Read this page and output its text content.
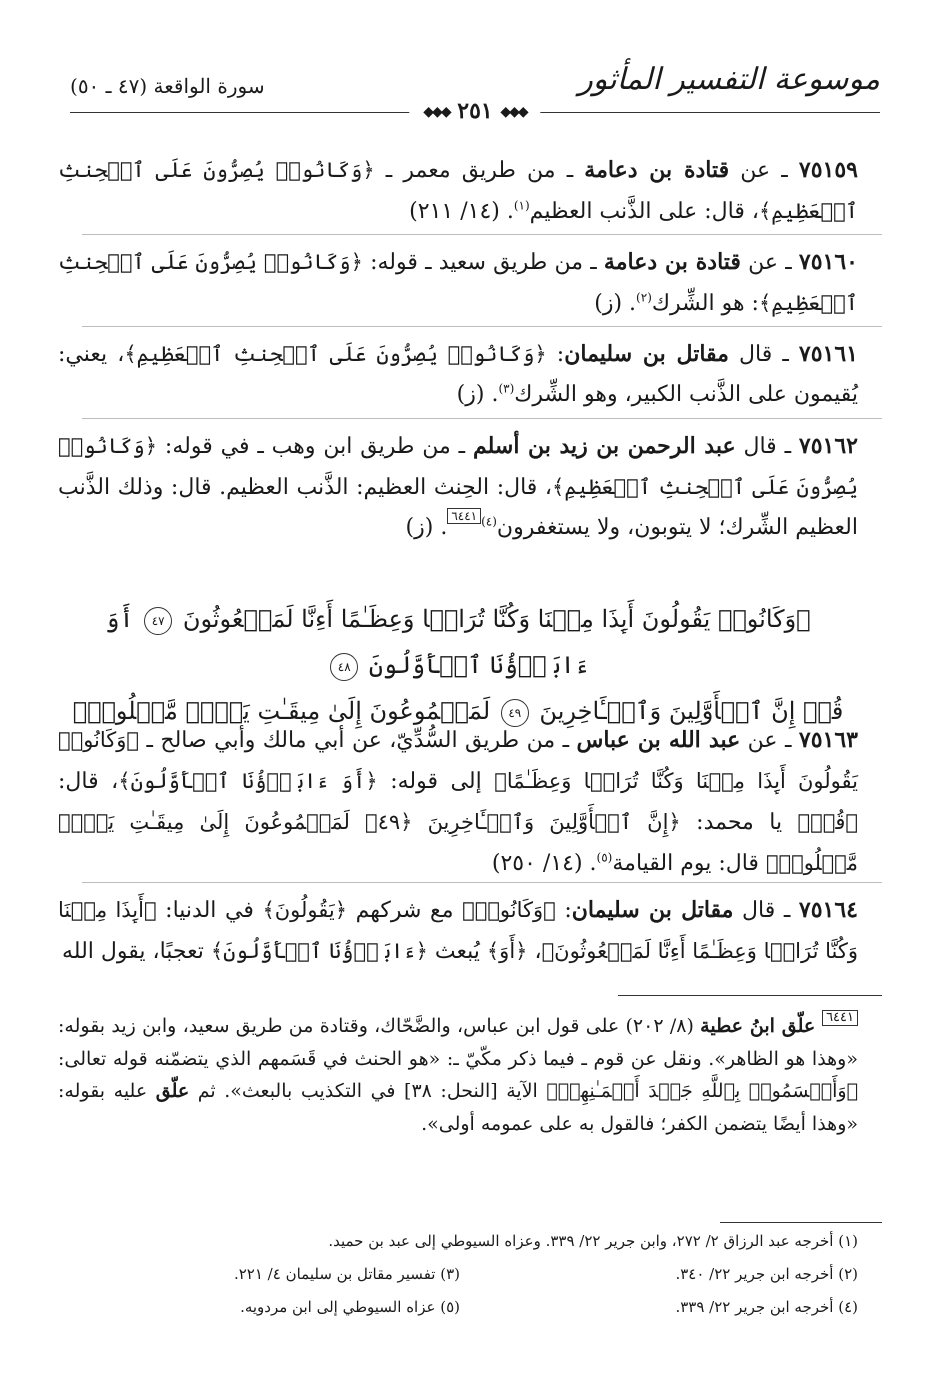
موسوعة التفسير المأثور
سورة الواقعة (٤٧ ـ ٥٠)
◆◆◆ ٢٥١ ◆◆◆
٧٥١٥٩ ـ عن قتادة بن دعامة ـ من طريق معمر ـ ﴿وَكَانُوا۟ يُصِرُّونَ عَلَى ٱلۡحِنثِ ٱلۡعَظِيمِ﴾، قال: على الذَّنب العظيم$^{(١)}$. (١٤/ ٢١١)
٧٥١٦٠ ـ عن قتادة بن دعامة ـ من طريق سعيد ـ قوله: ﴿وَكَانُوا۟ يُصِرُّونَ عَلَى ٱلۡحِنثِ ٱلۡعَظِيمِ﴾: هو الشِّرك$^{(٢)}$. (ز)
٧٥١٦١ ـ قال مقاتل بن سليمان: ﴿وَكَانُوا۟ يُصِرُّونَ عَلَى ٱلۡحِنثِ ٱلۡعَظِيمِ﴾، يعني: يُقيمون على الذَّنب الكبير، وهو الشِّرك$^{(٣)}$. (ز)
٧٥١٦٢ ـ قال عبد الرحمن بن زيد بن أسلم ـ من طريق ابن وهب ـ في قوله: ﴿وَكَانُوا۟ يُصِرُّونَ عَلَى ٱلۡحِنثِ ٱلۡعَظِيمِ﴾، قال: الحِنث العظيم: الذَّنب العظيم. قال: وذلك الذَّنب العظيم الشِّرك؛ لا يتوبون، ولا يستغفرون$^{(٤)}$٦٤٤١. (ز)
﴿وَكَانُوا۟ يَقُولُونَ أَىِٕذَا مِتۡنَا وَكُنَّا تُرَابࣰا وَعِظَـٰمًا أَءِنَّا لَمَبۡعُوثُونَ ٤٧ أَوَ ءَابَاۤؤُنَا ٱلۡأَوَّلُونَ ٤٨
قُلۡ إِنَّ ٱلۡأَوَّلِینَ وَٱلۡـَٔاخِرِینَ ٤٩ لَمَجۡمُوعُونَ إِلَىٰ مِیقَـٰتِ یَوۡمࣲ مَّعۡلُومࣲ﴾
٧٥١٦٣ ـ عن عبد الله بن عباس ـ من طريق السُّدِّيّ، عن أبي مالك وأبي صالح ـ ﴿وَكَانُوا۟ يَقُولُونَ أَىِٕذَا مِتۡنَا وَكُنَّا تُرَابࣰا وَعِظَـٰمًا﴾ إلى قوله: ﴿أَوَ ءَابَاۤؤُنَا ٱلۡأَوَّلُونَ﴾، قال: ﴿قُلۡ﴾ يا محمد: ﴿إِنَّ ٱلۡأَوَّلِینَ وَٱلۡـَٔاخِرِینَ ﴿٤٩﴾ لَمَجۡمُوعُونَ إِلَىٰ مِیقَـٰتِ یَوۡمࣲ مَّعۡلُومࣲ﴾ قال: يوم القيامة$^{(٥)}$. (١٤/ ٢٥٠)
٧٥١٦٤ ـ قال مقاتل بن سليمان: ﴿وَكَانُوا۟﴾ مع شركهم ﴿يَقُولُونَ﴾ في الدنيا: ﴿أَىِٕذَا مِتۡنَا وَكُنَّا تُرَابࣰا وَعِظَـٰمًا أَءِنَّا لَمَبۡعُوثُونَ﴾، ﴿أَوَ﴾ يُبعث ﴿ءَابَاۤؤُنَا ٱلۡأَوَّلُونَ﴾ تعجبًا، يقول الله
٦٤٤١ علّق ابنُ عطية (٨/ ٢٠٢) على قول ابن عباس، والضَّحّاك، وقتادة من طريق سعيد، وابن زيد بقوله: «وهذا هو الظاهر». ونقل عن قوم ـ فيما ذكر مكّيّ ـ: «هو الحنث في قَسَمهم الذي يتضمّنه قوله تعالى: ﴿وَأَقۡسَمُوا۟ بِٱللَّهِ جَهۡدَ أَیۡمَـٰنِهِمۡ﴾ الآية [النحل: ٣٨] في التكذيب بالبعث». ثم علّق عليه بقوله: «وهذا أيضًا يتضمن الكفر؛ فالقول به على عمومه أولى».
(١) أخرجه عبد الرزاق ٢/ ٢٧٢، وابن جرير ٢٢/ ٣٣٩. وعزاه السيوطي إلى عبد بن حميد.
(٢) أخرجه ابن جرير ٢٢/ ٣٤٠.
(٣) تفسير مقاتل بن سليمان ٤/ ٢٢١.
(٤) أخرجه ابن جرير ٢٢/ ٣٣٩.
(٥) عزاه السيوطي إلى ابن مردويه.
